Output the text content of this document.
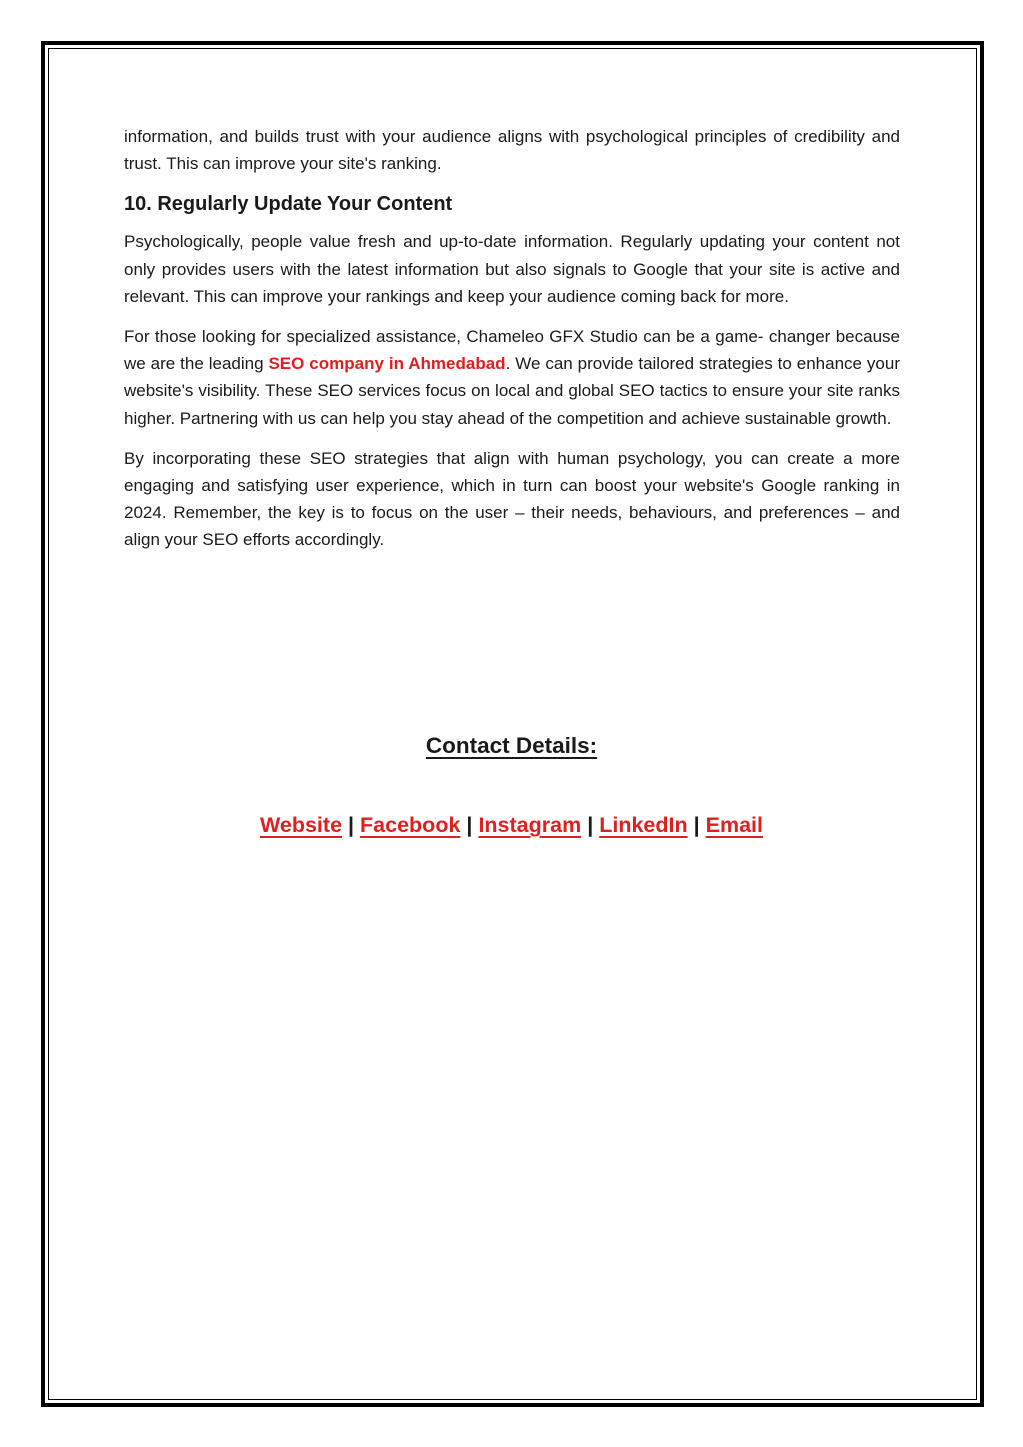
information, and builds trust with your audience aligns with psychological principles of credibility and trust. This can improve your site's ranking.

10. Regularly Update Your Content

Psychologically, people value fresh and up-to-date information. Regularly updating your content not only provides users with the latest information but also signals to Google that your site is active and relevant. This can improve your rankings and keep your audience coming back for more.

For those looking for specialized assistance, Chameleo GFX Studio can be a game- changer because we are the leading SEO company in Ahmedabad. We can provide tailored strategies to enhance your website's visibility. These SEO services focus on local and global SEO tactics to ensure your site ranks higher. Partnering with us can help you stay ahead of the competition and achieve sustainable growth.

By incorporating these SEO strategies that align with human psychology, you can create a more engaging and satisfying user experience, which in turn can boost your website's Google ranking in 2024. Remember, the key is to focus on the user – their needs, behaviours, and preferences – and align your SEO efforts accordingly.

Contact Details:
Website | Facebook | Instagram | LinkedIn | Email
